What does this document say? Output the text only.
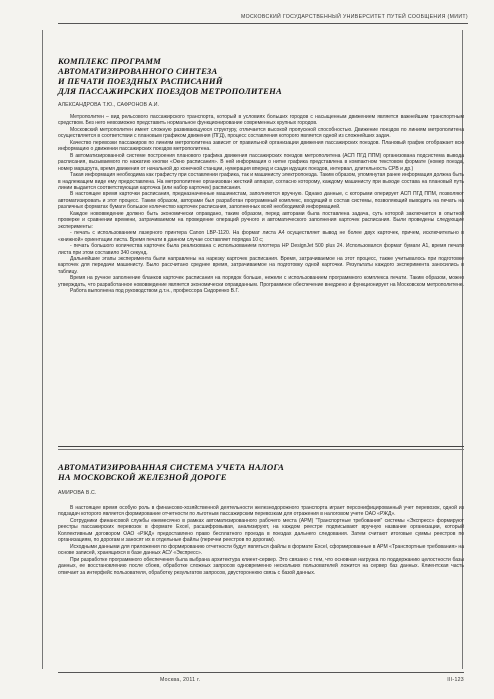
МОСКОВСКИЙ ГОСУДАРСТВЕННЫЙ УНИВЕРСИТЕТ ПУТЕЙ СООБЩЕНИЯ (МИИТ)
КОМПЛЕКС ПРОГРАММ
АВТОМАТИЗИРОВАННОГО СИНТЕЗА
И ПЕЧАТИ ПОЕЗДНЫХ РАСПИСАНИЙ
ДЛЯ ПАССАЖИРСКИХ ПОЕЗДОВ МЕТРОПОЛИТЕНА
АЛЕКСАНДРОВА Т.Ю., САФРОНОВ А.И.

Метрополитен – вид рельсового пассажирского транспорта, который в условиях больших городов с насыщенным движением является важнейшим транспортным средством. Без него невозможно представить нормальное функционирование современных крупных городов.

Московский метрополитен имеет сложную развивающуюся структуру, отличается высокой пропускной способностью. Движение поездов по линиям метрополитена осуществляется в соответствии с плановым графиком движения (ПГД), процесс составления которого является одной из сложнейших задач.

Качество перевозки пассажиров по линиям метрополитена зависит от правильной организации движения пассажирских поездов. Плановый график отображает всю информацию о движении пассажирских поездов метрополитена.

В автоматизированной системе построения планового графика движения пассажирских поездов метрополитена (АСП ПГД ППМ) организована подсистема вывода расписания, вызываемого по нажатию кнопки «Окно расписания». В ней информация о нитке графика представлена в компактном текстовом формате (номер поезда, номер маршрута, время движения от начальной до конечной станции, нумерация вперед и сзади идущих поездов, интервал, длительность СРВ и др.)

Такая информация необходима как графисту при составлении графика, так и машинисту электропоезда. Таким образом, упомянутая ранее информация должна быть в надлежащем виде ему предоставлена. На метрополитене организован жесткий аппарат, согласно которому, каждому машинисту при выходе состава на плановый путь линии выдается соответствующая карточка (или набор карточек) расписания.

В настоящее время карточки расписания, предназначенные машинистам, заполняются вручную. Однако данные, с которыми оперирует АСП ПГД ППМ, позволяют автоматизировать и этот процесс. Таким образом, авторами был разработан программный комплекс, входящий в состав системы, позволяющий выводить на печать на различных форматах бумаги большое количество карточек расписания, заполненных всей необходимой информацией.

Каждое нововведение должно быть экономически оправдано, таким образом, перед авторами была поставлена задача, суть которой заключается в опытной проверке и сравнении времени, затрачиваемом на проведение операций ручного и автоматического заполнения карточек расписания. Были проведены следующие эксперименты:

- печать с использованием лазерного принтера Canon LBP-1120. На формат листа А4 осуществляет вывод не более двух карточек, причем, исключительно в «книжной» ориентации листа. Время печати в данном случае составляет порядка 10 с;

- печать большого количества карточек была реализована с использованием плоттера HP DesignJet 500 plus 24. Использовался формат бумаги А1, время печати листа при этом составило 340 секунд.

Дальнейшие этапы эксперимента были направлены на нарезку карточек расписания. Время, затрачиваемое на этот процесс, также учитывалось при подготовке карточек для передачи машинисту. Было рассчитано среднее время, затрачиваемое на подготовку одной карточки. Результаты каждого эксперимента заносились в таблицу.

Время на ручное заполнение бланков карточек расписания на порядок больше, нежели с использованием программного комплекса печати. Таким образом, можно утверждать, что разработанное нововведение является экономически оправданным. Программное обеспечение внедрено и функционирует на Московском метрополитене.

Работа выполнена под руководством д.т.н., профессора Сидоренко В.Г.

АВТОМАТИЗИРОВАННАЯ СИСТЕМА УЧЕТА НАЛОГА
НА МОСКОВСКОЙ ЖЕЛЕЗНОЙ ДОРОГЕ
АМИРОВА В.С.

В настоящее время особую роль в финансово-хозяйственной деятельности железнодорожного транспорта играет персонифицированный учет перевозок, одной из подзадач которого является формирование отчетности по льготным пассажирским перевозкам для отражения в налоговом учете ОАО «РЖД».

Сотрудники финансовой службы ежемесячно в рамках автоматизированного рабочего места (АРМ) "Транспортные требования" системы «Экспресс» формируют реестры пассажирских перевозок в формате Excel, расшифровывая, анализируют, на каждом реестре подписывают вручную название организации, который Коллективным договором ОАО «РЖД» предоставлено право бесплатного проезда в поездах дальнего следования. Затем считают итоговые суммы реестров по организациям, по дорогам и заносят их в отдельные файлы (перечни реестров по дорогам).

Исходными данными для приложения по формированию отчетности будут являться файлы в формате Excel, сформированные в АРМ «Транспортные требования» на основе записей, хранящихся в базе данных АСУ «Экспресс».

При разработке программного обеспечения была выбрана архитектура клиент-сервер. Это связано с тем, что основная нагрузка по поддержанию целостности базы данных, ее восстановлению после сбоев, обработке сложных запросов одновременно нескольких пользователей ложится на сервер баз данных. Клиентская часть отвечает за интерфейс пользователя, обработку результатов запросов, двустороннюю связь с базой данных.

Москва, 2011 г.	III-123
